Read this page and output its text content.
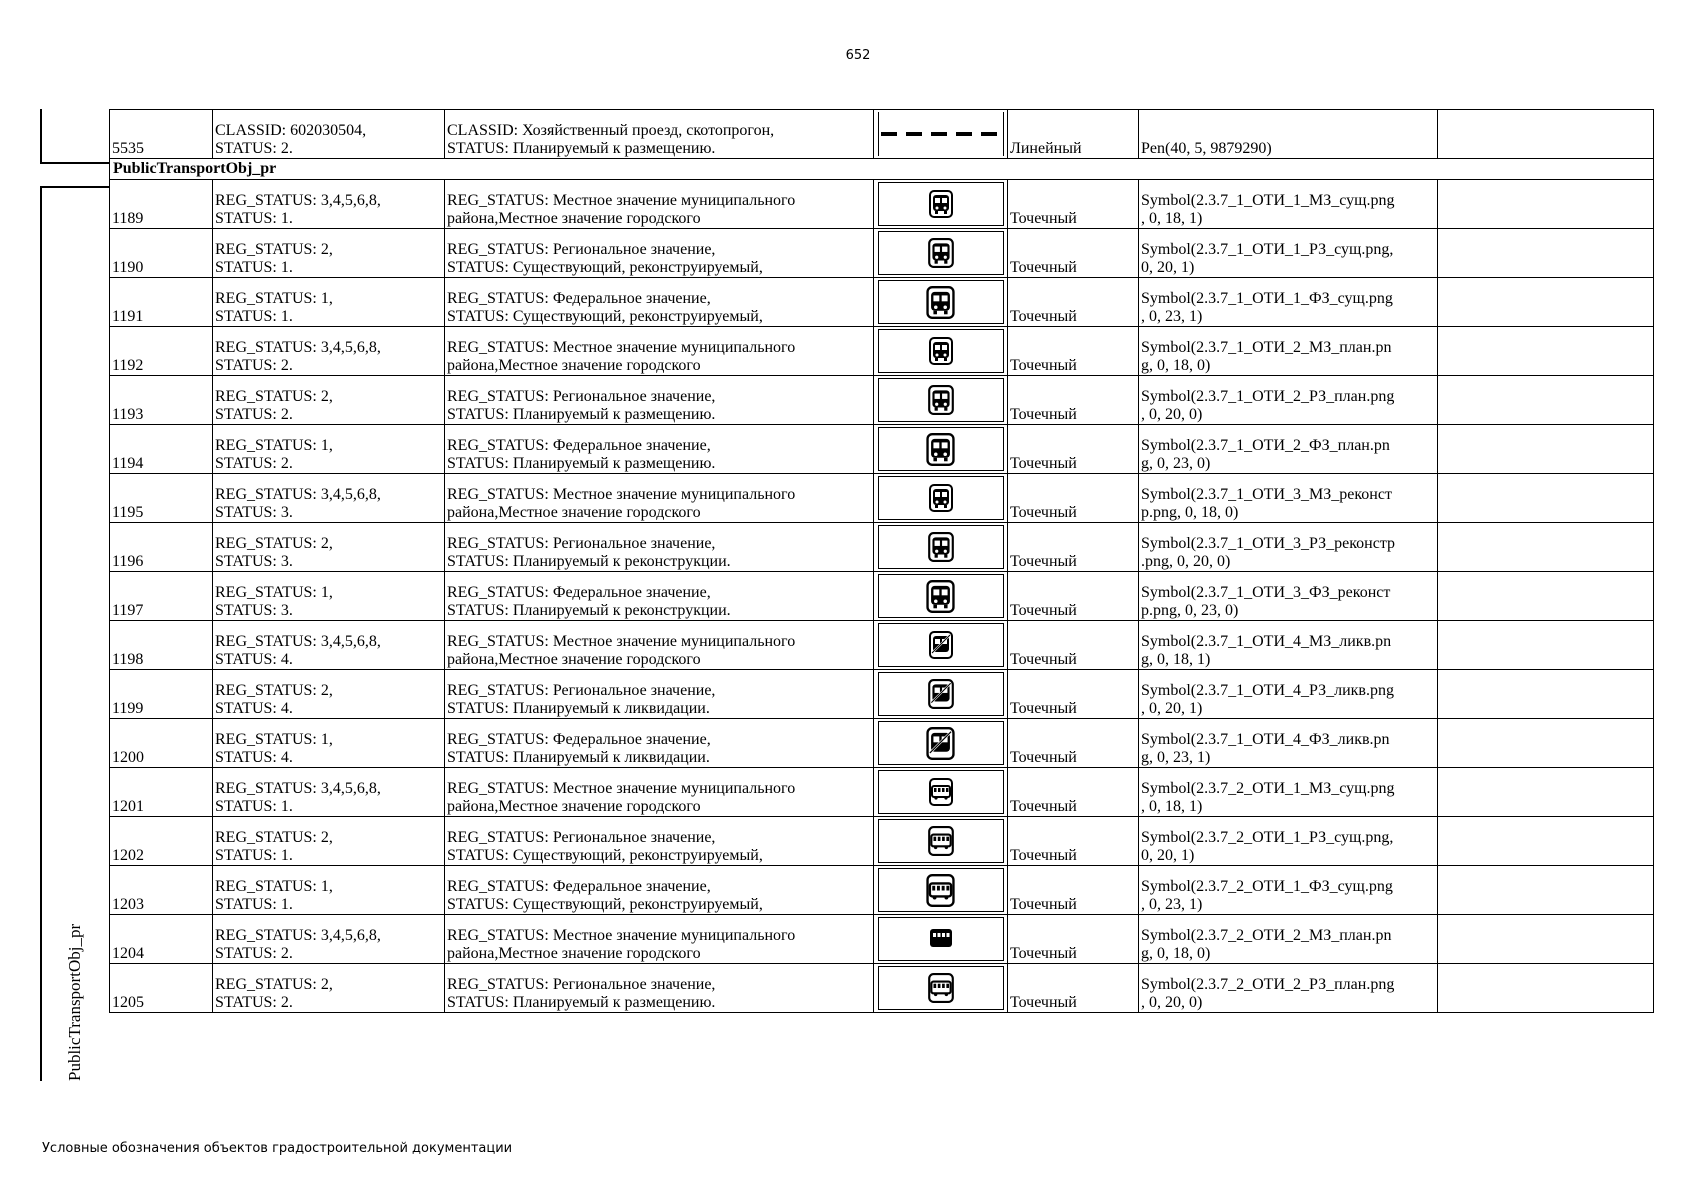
652
PublicTransportObj_pr
5535	CLASSID: 602030504,
STATUS: 2.	CLASSID: Хозяйственный проезд, скотопрогон,
STATUS: Планируемый к размещению.		Линейный	Pen(40, 5, 9879290)	

PublicTransportObj_pr						
1189	REG_STATUS: 3,4,5,6,8,
STATUS: 1.	REG_STATUS: Местное значение муниципального
района,Местное значение городского		Точечный	Symbol(2.3.7_1_ОТИ_1_МЗ_сущ.png
, 0, 18, 1)	

1190	REG_STATUS: 2,
STATUS: 1.	REG_STATUS: Региональное значение,
STATUS: Существующий, реконструируемый,		Точечный	Symbol(2.3.7_1_ОТИ_1_РЗ_сущ.png,
0, 20, 1)	

1191	REG_STATUS: 1,
STATUS: 1.	REG_STATUS: Федеральное значение,
STATUS: Существующий, реконструируемый,		Точечный	Symbol(2.3.7_1_ОТИ_1_ФЗ_сущ.png
, 0, 23, 1)	

1192	REG_STATUS: 3,4,5,6,8,
STATUS: 2.	REG_STATUS: Местное значение муниципального
района,Местное значение городского		Точечный	Symbol(2.3.7_1_ОТИ_2_МЗ_план.pn
g, 0, 18, 0)	

1193	REG_STATUS: 2,
STATUS: 2.	REG_STATUS: Региональное значение,
STATUS: Планируемый к размещению.		Точечный	Symbol(2.3.7_1_ОТИ_2_РЗ_план.png
, 0, 20, 0)	

1194	REG_STATUS: 1,
STATUS: 2.	REG_STATUS: Федеральное значение,
STATUS: Планируемый к размещению.		Точечный	Symbol(2.3.7_1_ОТИ_2_ФЗ_план.pn
g, 0, 23, 0)	

1195	REG_STATUS: 3,4,5,6,8,
STATUS: 3.	REG_STATUS: Местное значение муниципального
района,Местное значение городского		Точечный	Symbol(2.3.7_1_ОТИ_3_МЗ_реконст
р.png, 0, 18, 0)	

1196	REG_STATUS: 2,
STATUS: 3.	REG_STATUS: Региональное значение,
STATUS: Планируемый к реконструкции.		Точечный	Symbol(2.3.7_1_ОТИ_3_РЗ_реконстр
.png, 0, 20, 0)	

1197	REG_STATUS: 1,
STATUS: 3.	REG_STATUS: Федеральное значение,
STATUS: Планируемый к реконструкции.		Точечный	Symbol(2.3.7_1_ОТИ_3_ФЗ_реконст
р.png, 0, 23, 0)	

1198	REG_STATUS: 3,4,5,6,8,
STATUS: 4.	REG_STATUS: Местное значение муниципального
района,Местное значение городского		Точечный	Symbol(2.3.7_1_ОТИ_4_МЗ_ликв.pn
g, 0, 18, 1)	

1199	REG_STATUS: 2,
STATUS: 4.	REG_STATUS: Региональное значение,
STATUS: Планируемый к ликвидации.		Точечный	Symbol(2.3.7_1_ОТИ_4_РЗ_ликв.png
, 0, 20, 1)	

1200	REG_STATUS: 1,
STATUS: 4.	REG_STATUS: Федеральное значение,
STATUS: Планируемый к ликвидации.		Точечный	Symbol(2.3.7_1_ОТИ_4_ФЗ_ликв.pn
g, 0, 23, 1)	

1201	REG_STATUS: 3,4,5,6,8,
STATUS: 1.	REG_STATUS: Местное значение муниципального
района,Местное значение городского		Точечный	Symbol(2.3.7_2_ОТИ_1_МЗ_сущ.png
, 0, 18, 1)	

1202	REG_STATUS: 2,
STATUS: 1.	REG_STATUS: Региональное значение,
STATUS: Существующий, реконструируемый,		Точечный	Symbol(2.3.7_2_ОТИ_1_РЗ_сущ.png,
0, 20, 1)	

1203	REG_STATUS: 1,
STATUS: 1.	REG_STATUS: Федеральное значение,
STATUS: Существующий, реконструируемый,		Точечный	Symbol(2.3.7_2_ОТИ_1_ФЗ_сущ.png
, 0, 23, 1)	

1204	REG_STATUS: 3,4,5,6,8,
STATUS: 2.	REG_STATUS: Местное значение муниципального
района,Местное значение городского		Точечный	Symbol(2.3.7_2_ОТИ_2_МЗ_план.pn
g, 0, 18, 0)	

1205	REG_STATUS: 2,
STATUS: 2.	REG_STATUS: Региональное значение,
STATUS: Планируемый к размещению.		Точечный	Symbol(2.3.7_2_ОТИ_2_РЗ_план.png
, 0, 20, 0)	

Условные обозначения объектов градостроительной документации
